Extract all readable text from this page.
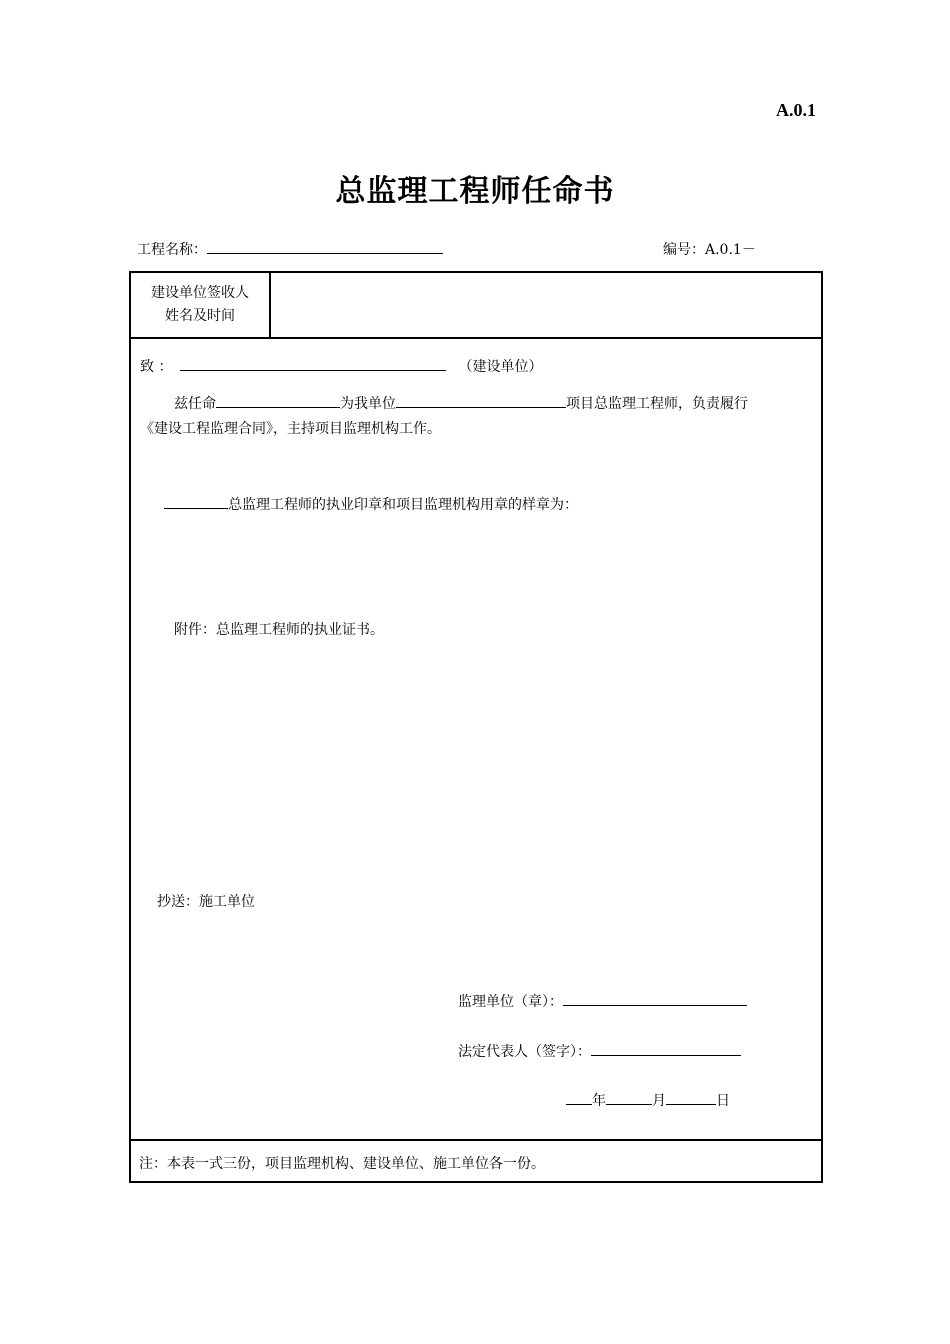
A.0.1
总监理工程师任命书
工程名称：	编号：A.0.1－
建设单位签收人
姓名及时间
致 ：	（建设单位）
兹任命	为我单位	项目总监理工程师，负责履行
《建设工程监理合同》，主持项目监理机构工作。
总监理工程师的执业印章和项目监理机构用章的样章为：
附件：总监理工程师的执业证书。
抄送：施工单位
监理单位（章）：
法定代表人（签字）：
年	月	日
注：本表一式三份，项目监理机构、建设单位、施工单位各一份。
